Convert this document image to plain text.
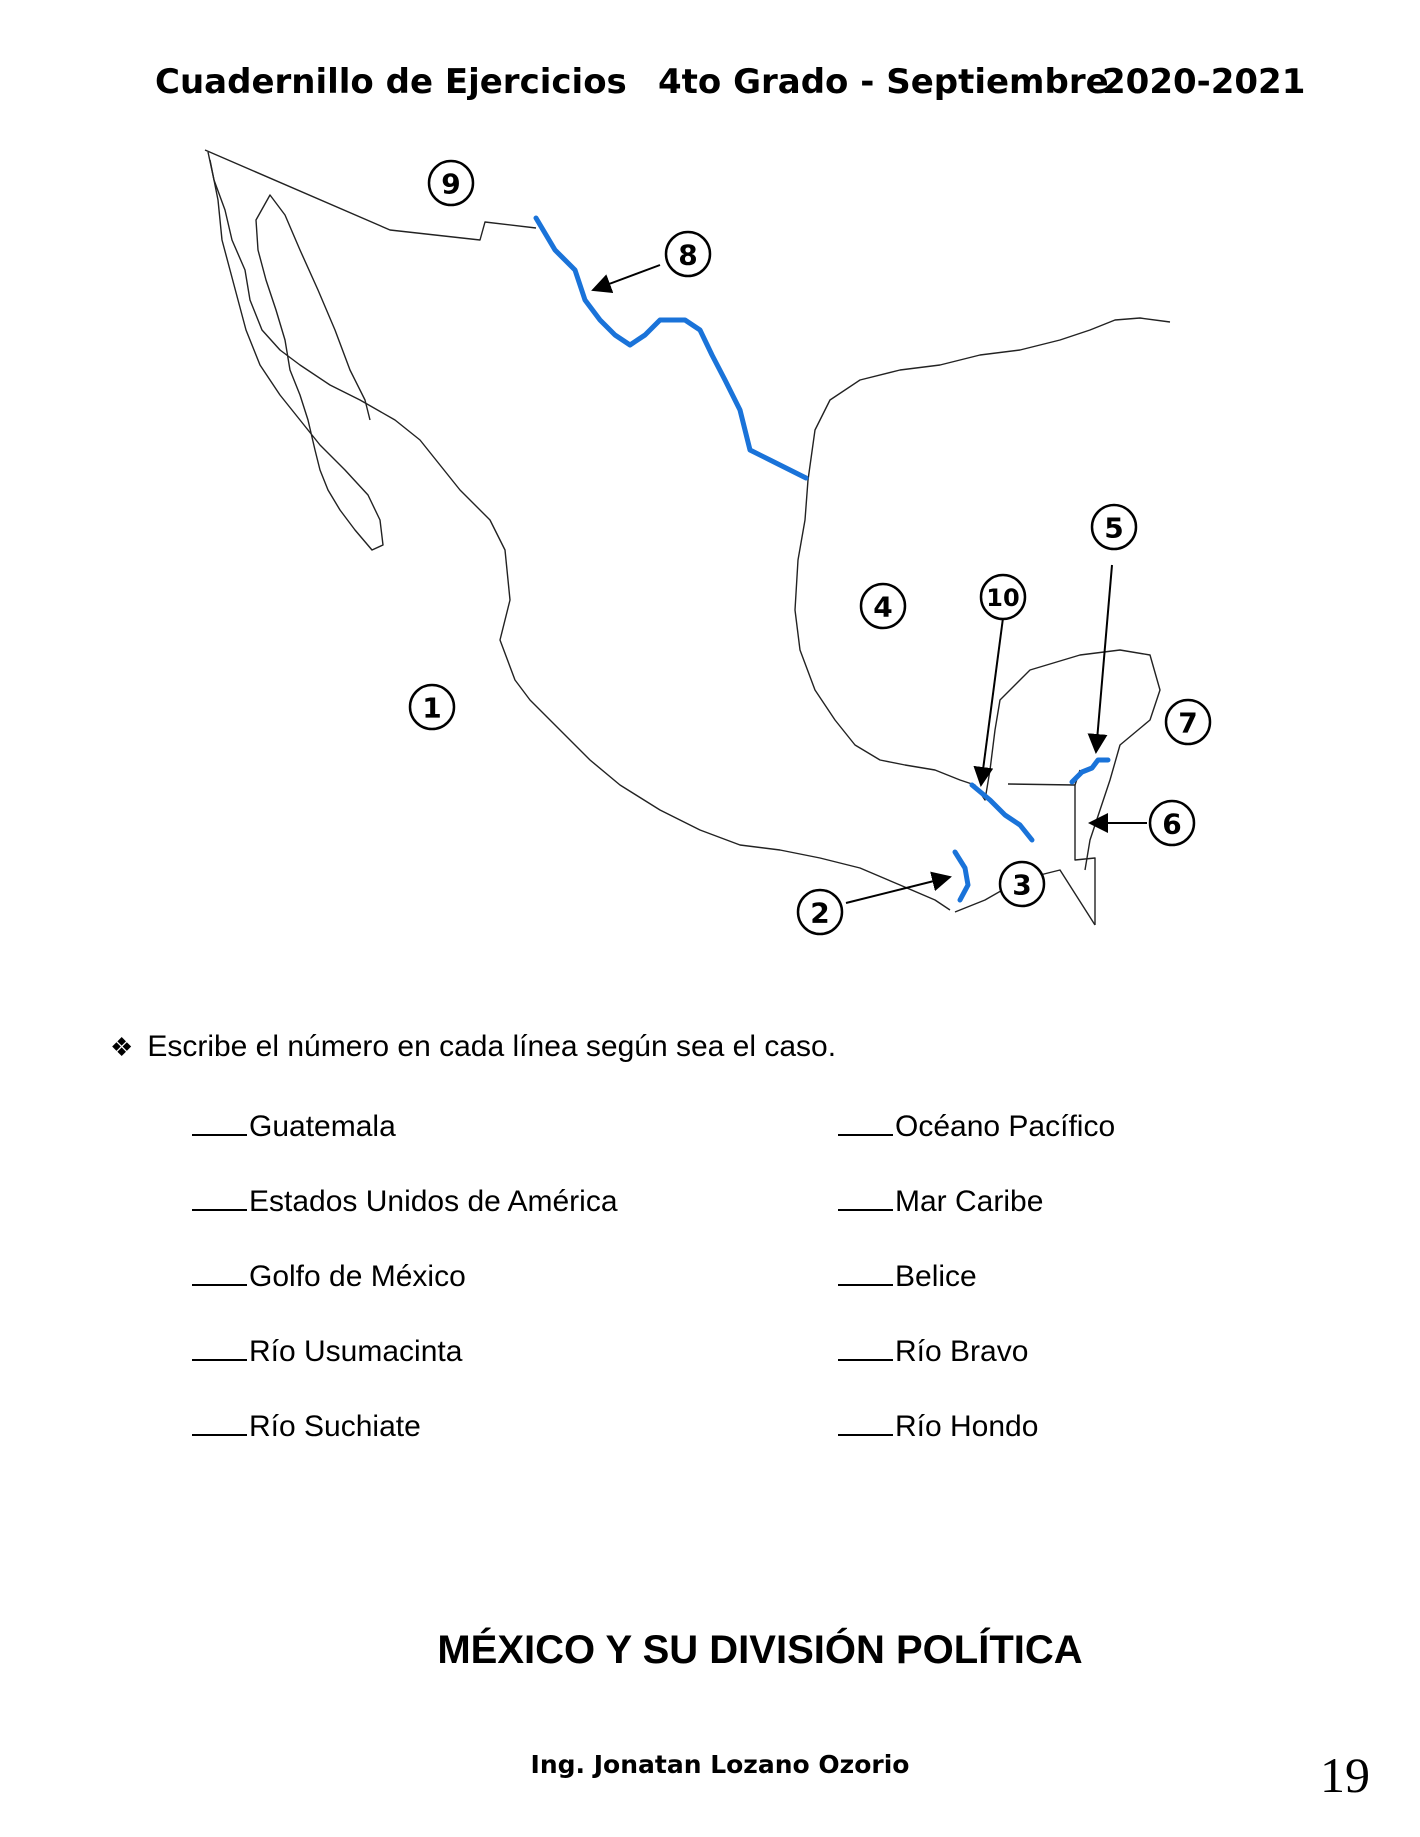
Cuadernillo de Ejercicios 4to Grado - Septiembre
2020-2021
1
2
3
4
5
6
7
8
9
10
❖ Escribe el número en cada línea según sea el caso.
Guatemala
Estados Unidos de América
Golfo de México
Río Usumacinta
Río Suchiate
Océano Pacífico
Mar Caribe
Belice
Río Bravo
Río Hondo
MÉXICO Y SU DIVISIÓN POLÍTICA
Ing. Jonatan Lozano Ozorio	19
